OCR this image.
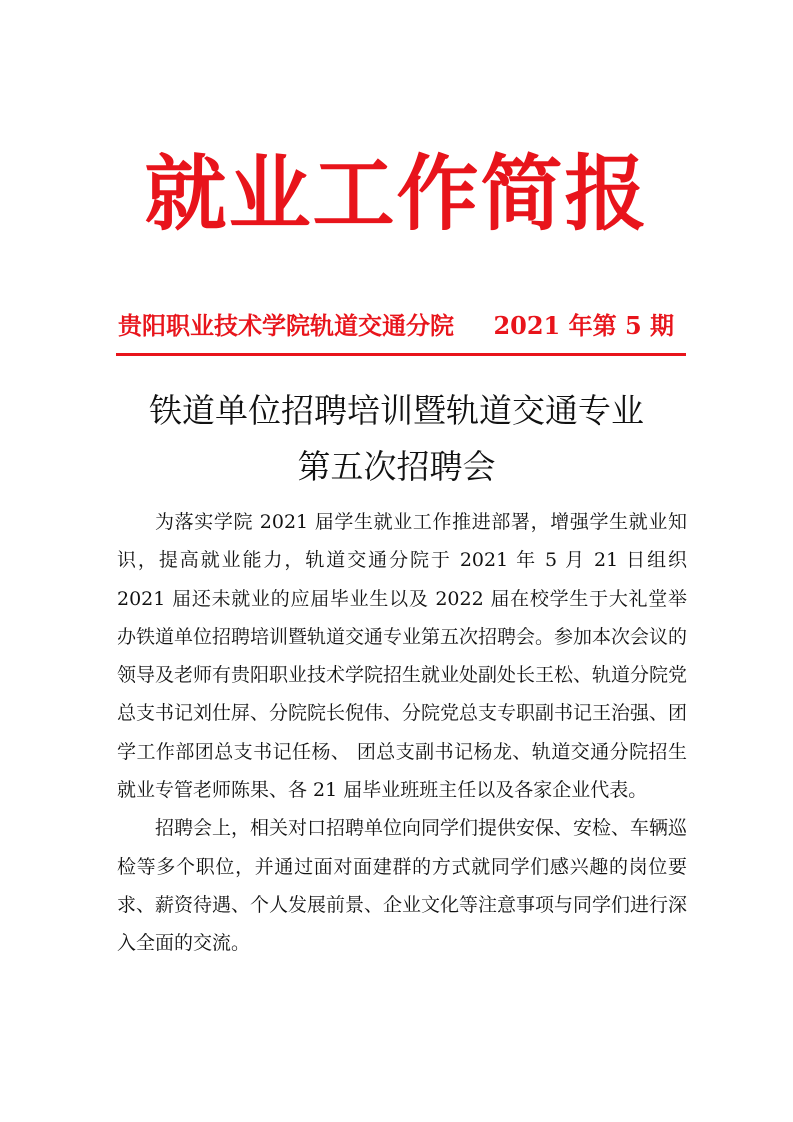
就业工作简报
贵阳职业技术学院轨道交通分院 2021 年第 5 期
铁道单位招聘培训暨轨道交通专业
第五次招聘会

为落实学院 2021 届学生就业工作推进部署，增强学生就业知识，提高就业能力，轨道交通分院于 2021 年 5 月 21 日组织 2021 届还未就业的应届毕业生以及 2022 届在校学生于大礼堂举办铁道单位招聘培训暨轨道交通专业第五次招聘会。参加本次会议的领导及老师有贵阳职业技术学院招生就业处副处长王松、轨道分院党总支书记刘仕屏、分院院长倪伟、分院党总支专职副书记王治强、团学工作部团总支书记任杨、 团总支副书记杨龙、轨道交通分院招生就业专管老师陈果、各 21 届毕业班班主任以及各家企业代表。

招聘会上，相关对口招聘单位向同学们提供安保、安检、车辆巡检等多个职位，并通过面对面建群的方式就同学们感兴趣的岗位要求、薪资待遇、个人发展前景、企业文化等注意事项与同学们进行深入全面的交流。
